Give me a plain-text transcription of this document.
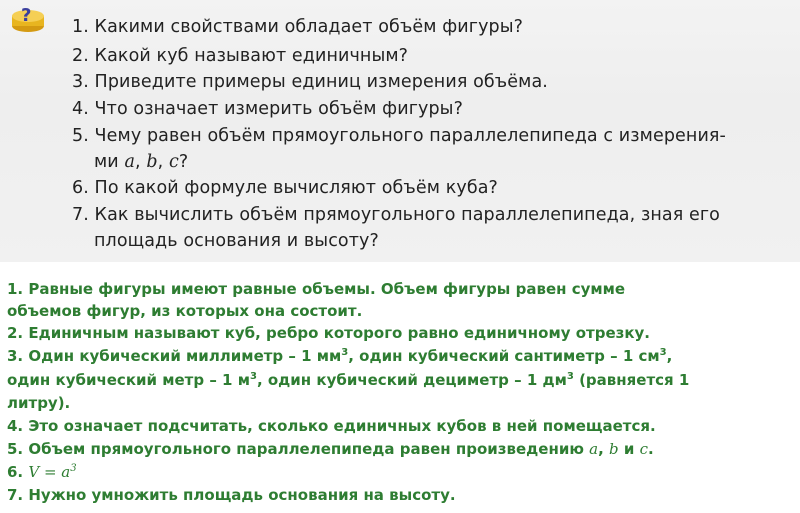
?
1. Какими свойствами обладает объём фигуры?
2. Какой куб называют единичным?
3. Приведите примеры единиц измерения объёма.
4. Что означает измерить объём фигуры?
5. Чему равен объём прямоугольного параллелепипеда с измерения-
ми a, b, c?
6. По какой формуле вычисляют объём куба?
7. Как вычислить объём прямоугольного параллелепипеда, зная его
площадь основания и высоту?
1. Равные фигуры имеют равные объемы. Объем фигуры равен сумме
объемов фигур, из которых она состоит.
2. Единичным называют куб, ребро которого равно единичному отрезку.
3. Один кубический миллиметр – 1 $мм^3$, один кубический сантиметр – 1 $см^3$,
один кубический метр – 1 $м^3$, один кубический дециметр – 1 $дм^3$ (равняется 1
литру).
4. Это означает подсчитать, сколько единичных кубов в ней помещается.
5. Объем прямоугольного параллелепипеда равен произведению a, b и c.
6. $V = a^3$
7. Нужно умножить площадь основания на высоту.
